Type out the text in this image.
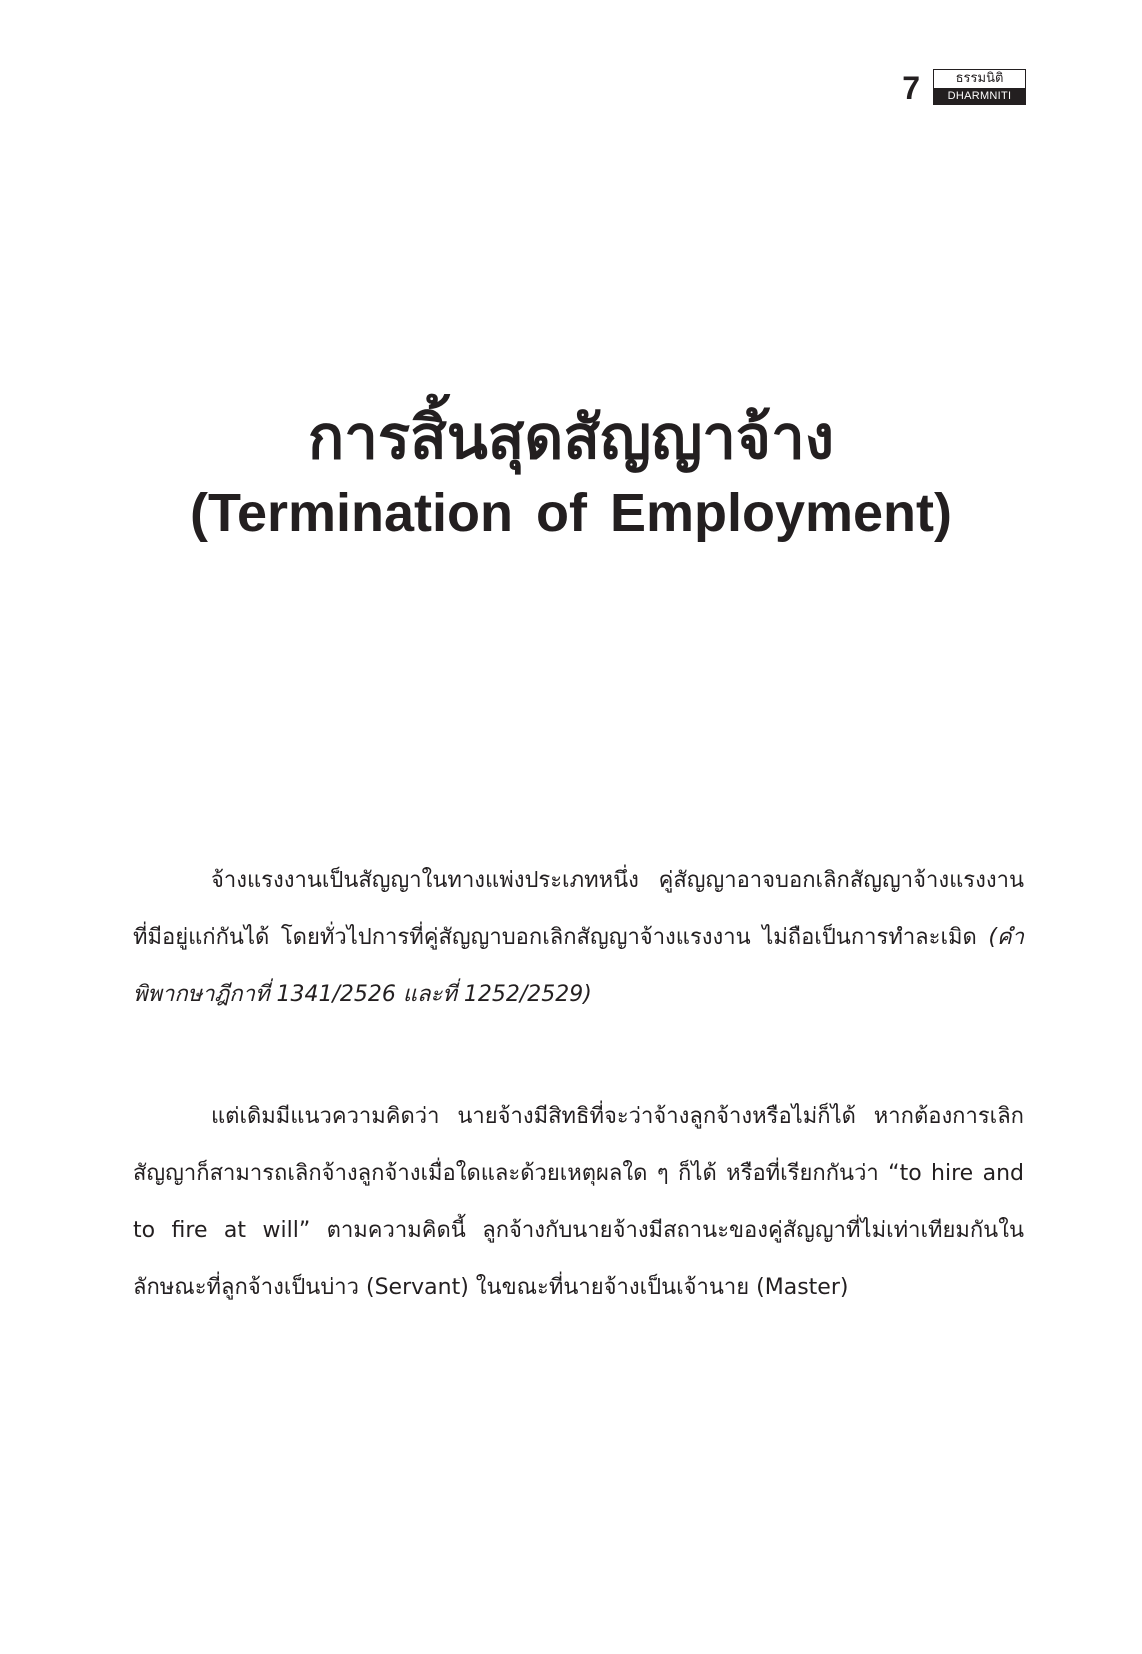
7	ธรรมนิติ
DHARMNITI

การสิ้นสุดสัญญาจ้าง

(Termination of Employment)

จ้างแรงงานเป็นสัญญาในทางแพ่งประเภทหนึ่ง คู่สัญญาอาจบอกเลิกสัญญาจ้างแรงงานที่มีอยู่แก่กันได้ โดยทั่วไปการที่คู่สัญญาบอกเลิกสัญญาจ้างแรงงาน ไม่ถือเป็นการทำละเมิด (คำพิพากษาฎีกาที่ 1341/2526 และที่ 1252/2529)

แต่เดิมมีแนวความคิดว่า นายจ้างมีสิทธิที่จะว่าจ้างลูกจ้างหรือไม่ก็ได้ หากต้องการเลิกสัญญาก็สามารถเลิกจ้างลูกจ้างเมื่อใดและด้วยเหตุผลใด ๆ ก็ได้ หรือที่เรียกกันว่า “to hire and to fire at will” ตามความคิดนี้ ลูกจ้างกับนายจ้างมีสถานะของคู่สัญญาที่ไม่เท่าเทียมกันในลักษณะที่ลูกจ้างเป็นบ่าว (Servant) ในขณะที่นายจ้างเป็นเจ้านาย (Master)
